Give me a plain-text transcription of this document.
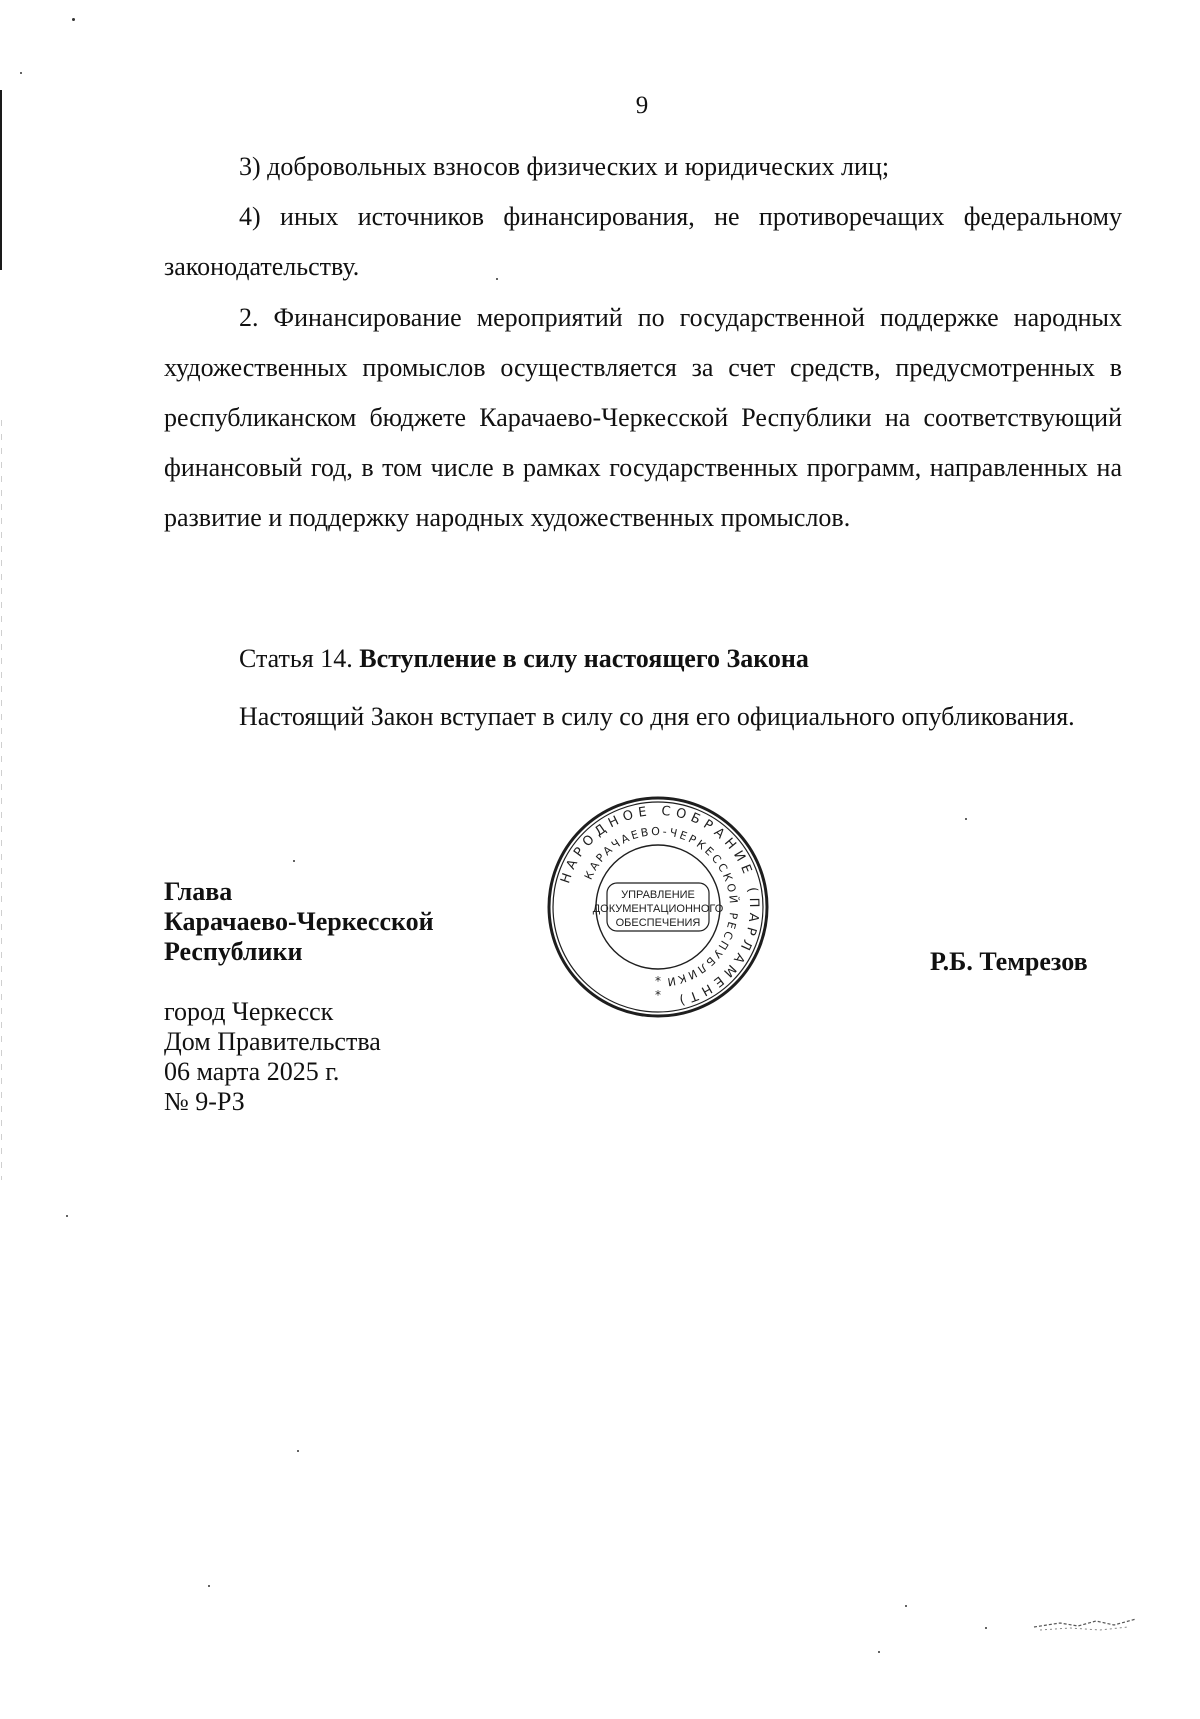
9

3) добровольных взносов физических и юридических лиц;

4) иных источников финансирования, не противоречащих федеральному законодательству.

2. Финансирование мероприятий по государственной поддержке народных художественных промыслов осуществляется за счет средств, предусмотренных в республиканском бюджете Карачаево-Черкесской Республики на соответствующий финансовый год, в том числе в рамках государственных программ, направленных на развитие и поддержку народных художественных промыслов.

Статья 14. Вступление в силу настоящего Закона

Настоящий Закон вступает в силу со дня его официального опубликования.

НАРОДНОЕ СОБРАНИЕ (ПАРЛАМЕНТ)
КАРАЧАЕВО-ЧЕРКЕССКОЙ РЕСПУБЛИКИ
УПРАВЛЕНИЕ
ДОКУМЕНТАЦИОННОГО
ОБЕСПЕЧЕНИЯ
*
*

Глава
Карачаево-Черкесской
Республики	Р.Б. Темрезов

город Черкесск
Дом Правительства
06 марта 2025 г.
№ 9-РЗ
